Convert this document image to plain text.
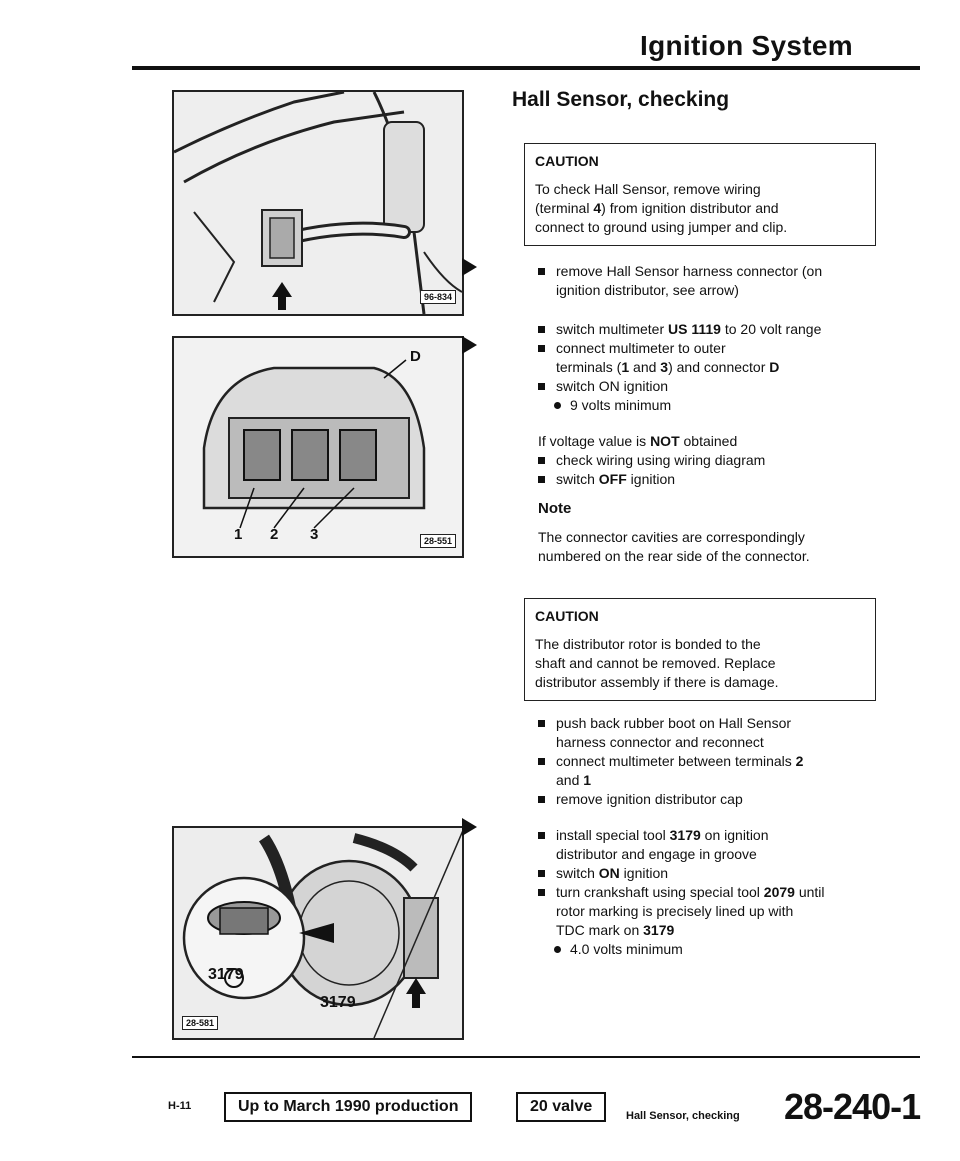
Ignition System
Hall Sensor, checking
96-834
D
1 2 3	28-551
3179
3179
28-581
CAUTION
To check Hall Sensor, remove wiring
(terminal 4) from ignition distributor and
connect to ground using jumper and clip.
remove Hall Sensor harness connector (on
ignition distributor, see arrow)
switch multimeter US 1119 to 20 volt range
connect multimeter to outer
terminals (1 and 3) and connector D
switch ON ignition
9 volts minimum
If voltage value is NOT obtained
check wiring using wiring diagram
switch OFF ignition
Note
The connector cavities are correspondingly numbered on the rear side of the connector.
CAUTION
The distributor rotor is bonded to the
shaft and cannot be removed. Replace
distributor assembly if there is damage.
push back rubber boot on Hall Sensor
harness connector and reconnect
connect multimeter between terminals 2
and 1
remove ignition distributor cap
install special tool 3179 on ignition
distributor and engage in groove
switch ON ignition
turn crankshaft using special tool 2079 until
rotor marking is precisely lined up with
TDC mark on 3179
4.0 volts minimum
H-11	Up to March 1990 production	20 valve
Hall Sensor, checking 28-240-1
